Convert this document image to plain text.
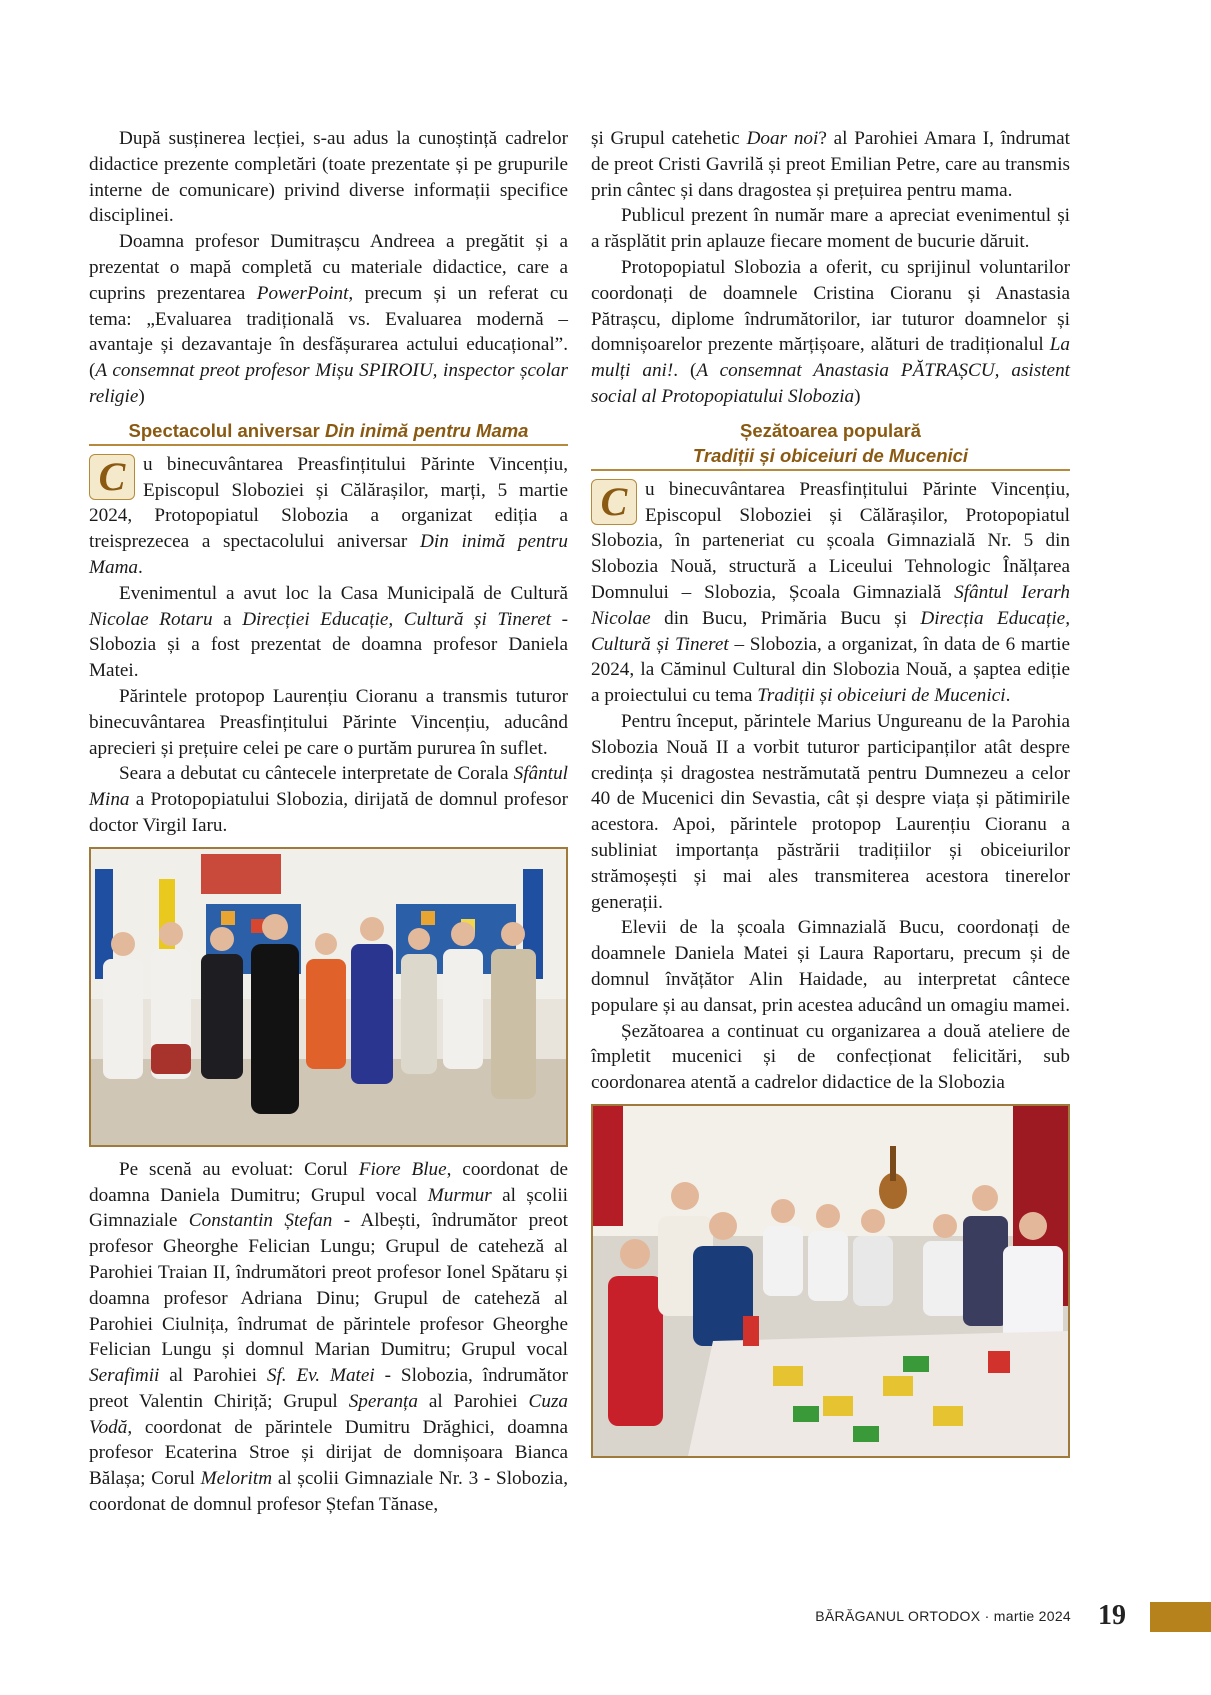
După susținerea lecției, s-au adus la cunoștință cadrelor didactice prezente completări (toate prezentate și pe grupurile interne de comunicare) privind diverse informații specifice disciplinei.

Doamna profesor Dumitrașcu Andreea a pregătit și a prezentat o mapă completă cu materiale didactice, care a cuprins prezentarea PowerPoint, precum și un referat cu tema: „Evaluarea tradițională vs. Evaluarea modernă – avantaje și dezavantaje în desfășurarea actului educațional”. (A consemnat preot profesor Mișu SPIROIU, inspector școlar religie)

Spectacolul aniversar Din inimă pentru Mama

C u binecuvântarea Preasfințitului Părinte Vincențiu, Episcopul Sloboziei și Călărașilor, marți, 5 martie 2024, Protopopiatul Slobozia a organizat ediția a treisprezecea a spectacolului aniversar Din inimă pentru Mama.

Evenimentul a avut loc la Casa Municipală de Cultură Nicolae Rotaru a Direcției Educație, Cultură și Tineret - Slobozia și a fost prezentat de doamna profesor Daniela Matei.

Părintele protopop Laurențiu Cioranu a transmis tuturor binecuvântarea Preasfințitului Părinte Vincențiu, aducând aprecieri și prețuire celei pe care o purtăm pururea în suflet.

Seara a debutat cu cântecele interpretate de Corala Sfântul Mina a Protopopiatului Slobozia, dirijată de domnul profesor doctor Virgil Iaru.

Pe scenă au evoluat: Corul Fiore Blue, coordonat de doamna Daniela Dumitru; Grupul vocal Murmur al școlii Gimnaziale Constantin Ștefan - Albești, îndrumător preot profesor Gheorghe Felician Lungu; Grupul de cateheză al Parohiei Traian II, îndrumători preot profesor Ionel Spătaru și doamna profesor Adriana Dinu; Grupul de cateheză al Parohiei Ciulnița, îndrumat de părintele profesor Gheorghe Felician Lungu și domnul Marian Dumitru; Grupul vocal Serafimii al Parohiei Sf. Ev. Matei - Slobozia, îndrumător preot Valentin Chiriță; Grupul Speranța al Parohiei Cuza Vodă, coordonat de părintele Dumitru Drăghici, doamna profesor Ecaterina Stroe și dirijat de domnișoara Bianca Bălașa; Corul Meloritm al școlii Gimnaziale Nr. 3 - Slobozia, coordonat de domnul profesor Ștefan Tănase,

și Grupul catehetic Doar noi? al Parohiei Amara I, îndrumat de preot Cristi Gavrilă și preot Emilian Petre, care au transmis prin cântec și dans dragostea și prețuirea pentru mama.

Publicul prezent în număr mare a apreciat evenimentul și a răsplătit prin aplauze fiecare moment de bucurie dăruit.

Protopopiatul Slobozia a oferit, cu sprijinul voluntarilor coordonați de doamnele Cristina Cioranu și Anastasia Pătrașcu, diplome îndrumătorilor, iar tuturor doamnelor și domnișoarelor prezente mărțișoare, alături de tradiționalul La mulți ani!. (A consemnat Anastasia PĂTRAȘCU, asistent social al Protopopiatului Slobozia)

Șezătoarea populară
Tradiții și obiceiuri de Mucenici

C u binecuvântarea Preasfințitului Părinte Vincențiu, Episcopul Sloboziei și Călărașilor, Protopopiatul Slobozia, în parteneriat cu școala Gimnazială Nr. 5 din Slobozia Nouă, structură a Liceului Tehnologic Înălțarea Domnului – Slobozia, Școala Gimnazială Sfântul Ierarh Nicolae din Bucu, Primăria Bucu și Direcția Educație, Cultură și Tineret – Slobozia, a organizat, în data de 6 martie 2024, la Căminul Cultural din Slobozia Nouă, a șaptea ediție a proiectului cu tema Tradiții și obiceiuri de Mucenici.

Pentru început, părintele Marius Ungureanu de la Parohia Slobozia Nouă II a vorbit tuturor participanților atât despre credința și dragostea nestrămutată pentru Dumnezeu a celor 40 de Mucenici din Sevastia, cât și despre viața și pătimirile acestora. Apoi, părintele protopop Laurențiu Cioranu a subliniat importanța păstrării tradițiilor și obiceiurilor strămoșești și mai ales transmiterea acestora tinerelor generații.

Elevii de la școala Gimnazială Bucu, coordonați de doamnele Daniela Matei și Laura Raportaru, precum și de domnul învățător Alin Haidade, au interpretat cântece populare și au dansat, prin acestea aducând un omagiu mamei.

Șezătoarea a continuat cu organizarea a două ateliere de împletit mucenici și de confecționat felicitări, sub coordonarea atentă a cadrelor didactice de la Slobozia

BĂRĂGANUL ORTODOX · martie 2024 19
